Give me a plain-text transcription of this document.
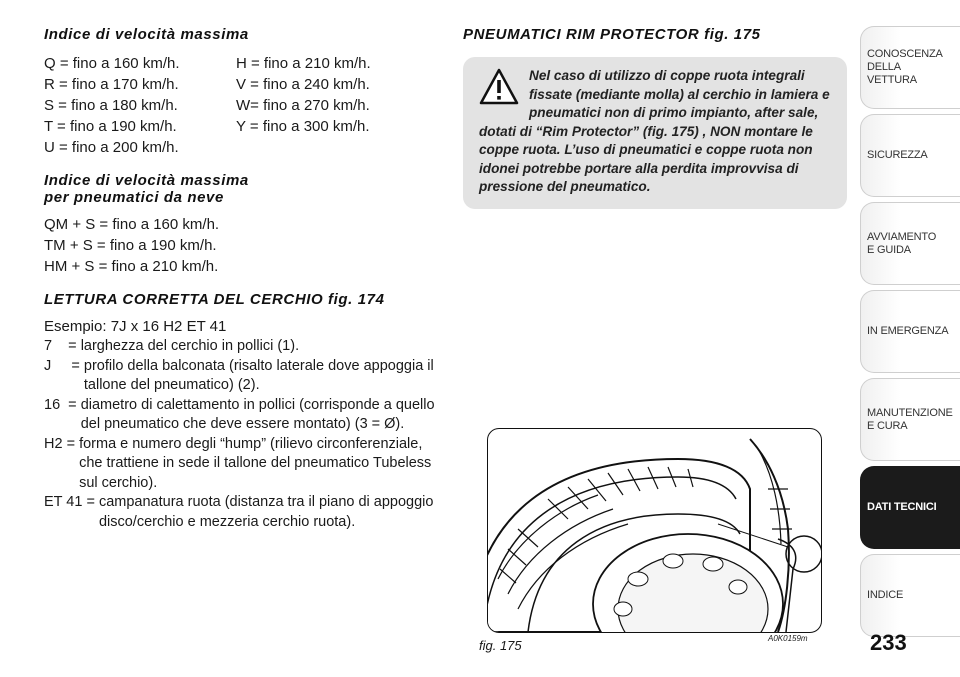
Indice di velocità massima
Q = fino a 160 km/h.	H = fino a 210 km/h.
R = fino a 170 km/h.	V = fino a 240 km/h.
S = fino a 180 km/h.	W= fino a 270 km/h.
T = fino a 190 km/h.	Y = fino a 300 km/h.
U = fino a 200 km/h.
Indice di velocità massima
per pneumatici da neve
QM + S = fino a 160 km/h.
TM + S = fino a 190 km/h.
HM + S = fino a 210 km/h.
LETTURA CORRETTA DEL CERCHIO fig. 174
Esempio: 7J x 16 H2 ET 41
7    = larghezza del cerchio in pollici (1).
J     = profilo della balconata (risalto laterale dove appoggia il tallone del pneumatico) (2).
16  = diametro di calettamento in pollici (corrisponde a quello del pneumatico che deve essere montato) (3 = Ø).
H2 = forma e numero degli “hump” (rilievo circonferenziale, che trattiene in sede il tallone del pneumatico Tubeless sul cerchio).
ET 41 = campanatura ruota (distanza tra il piano di appoggio disco/cerchio e mezzeria cerchio ruota).
PNEUMATICI RIM PROTECTOR fig. 175
Nel caso di utilizzo di coppe ruota integrali fissate (mediante molla) al cerchio in lamiera e pneumatici non di primo impianto, after sale, dotati di “Rim Protector” (fig. 175) , NON montare le coppe ruota. L’uso di pneumatici e coppe ruota non idonei potrebbe portare alla perdita improvvisa di pressione del pneumatico.
fig. 175	A0K0159m
CONOSCENZA
DELLA
VETTURA
SICUREZZA
AVVIAMENTO
E GUIDA
IN EMERGENZA
MANUTENZIONE
E CURA
DATI TECNICI
INDICE
233
